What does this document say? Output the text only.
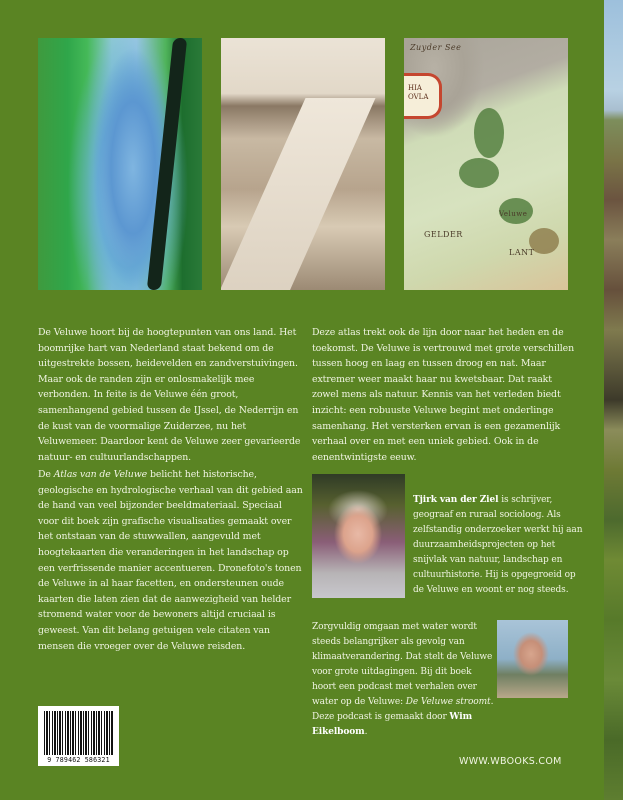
HIA
OVLA
Zuyder See
Veluwe
GELDER
LANT

De Veluwe hoort bij de hoogtepunten van ons land. Het boomrijke hart van Nederland staat bekend om de uitgestrekte bossen, heidevelden en zandverstuivingen. Maar ook de randen zijn er onlosmakelijk mee verbonden. In feite is de Veluwe één groot, samenhangend gebied tussen de IJssel, de Nederrijn en de kust van de voormalige Zuiderzee, nu het Veluwemeer. Daardoor kent de Veluwe zeer gevarieerde natuur- en cultuurlandschappen.

De Atlas van de Veluwe belicht het historische, geologische en hydrologische verhaal van dit gebied aan de hand van veel bijzonder beeldmateriaal. Speciaal voor dit boek zijn grafische visualisaties gemaakt over het ontstaan van de stuwwallen, aangevuld met hoogtekaarten die veranderingen in het landschap op een verfrissende manier accentueren. Dronefoto's tonen de Veluwe in al haar facetten, en ondersteunen oude kaarten die laten zien dat de aanwezigheid van helder stromend water voor de bewoners altijd cruciaal is geweest. Van dit belang getuigen vele citaten van mensen die vroeger over de Veluwe reisden.

Deze atlas trekt ook de lijn door naar het heden en de toekomst. De Veluwe is vertrouwd met grote verschillen tussen hoog en laag en tussen droog en nat. Maar extremer weer maakt haar nu kwetsbaar. Dat raakt zowel mens als natuur. Kennis van het verleden biedt inzicht: een robuuste Veluwe begint met onderlinge samenhang. Het versterken ervan is een gezamenlijk verhaal over en met een uniek gebied. Ook in de eenentwintigste eeuw.

Tjirk van der Ziel is schrijver, geograaf en ruraal socioloog. Als zelfstandig onderzoeker werkt hij aan duurzaamheidsprojecten op het snijvlak van natuur, landschap en cultuurhistorie. Hij is opgegroeid op de Veluwe en woont er nog steeds.

Zorgvuldig omgaan met water wordt steeds belangrijker als gevolg van klimaatverandering. Dat stelt de Veluwe voor grote uitdagingen. Bij dit boek hoort een podcast met verhalen over water op de Veluwe: De Veluwe stroomt. Deze podcast is gemaakt door Wim Eikelboom.

9 789462 586321	WWW.WBOOKS.COM
